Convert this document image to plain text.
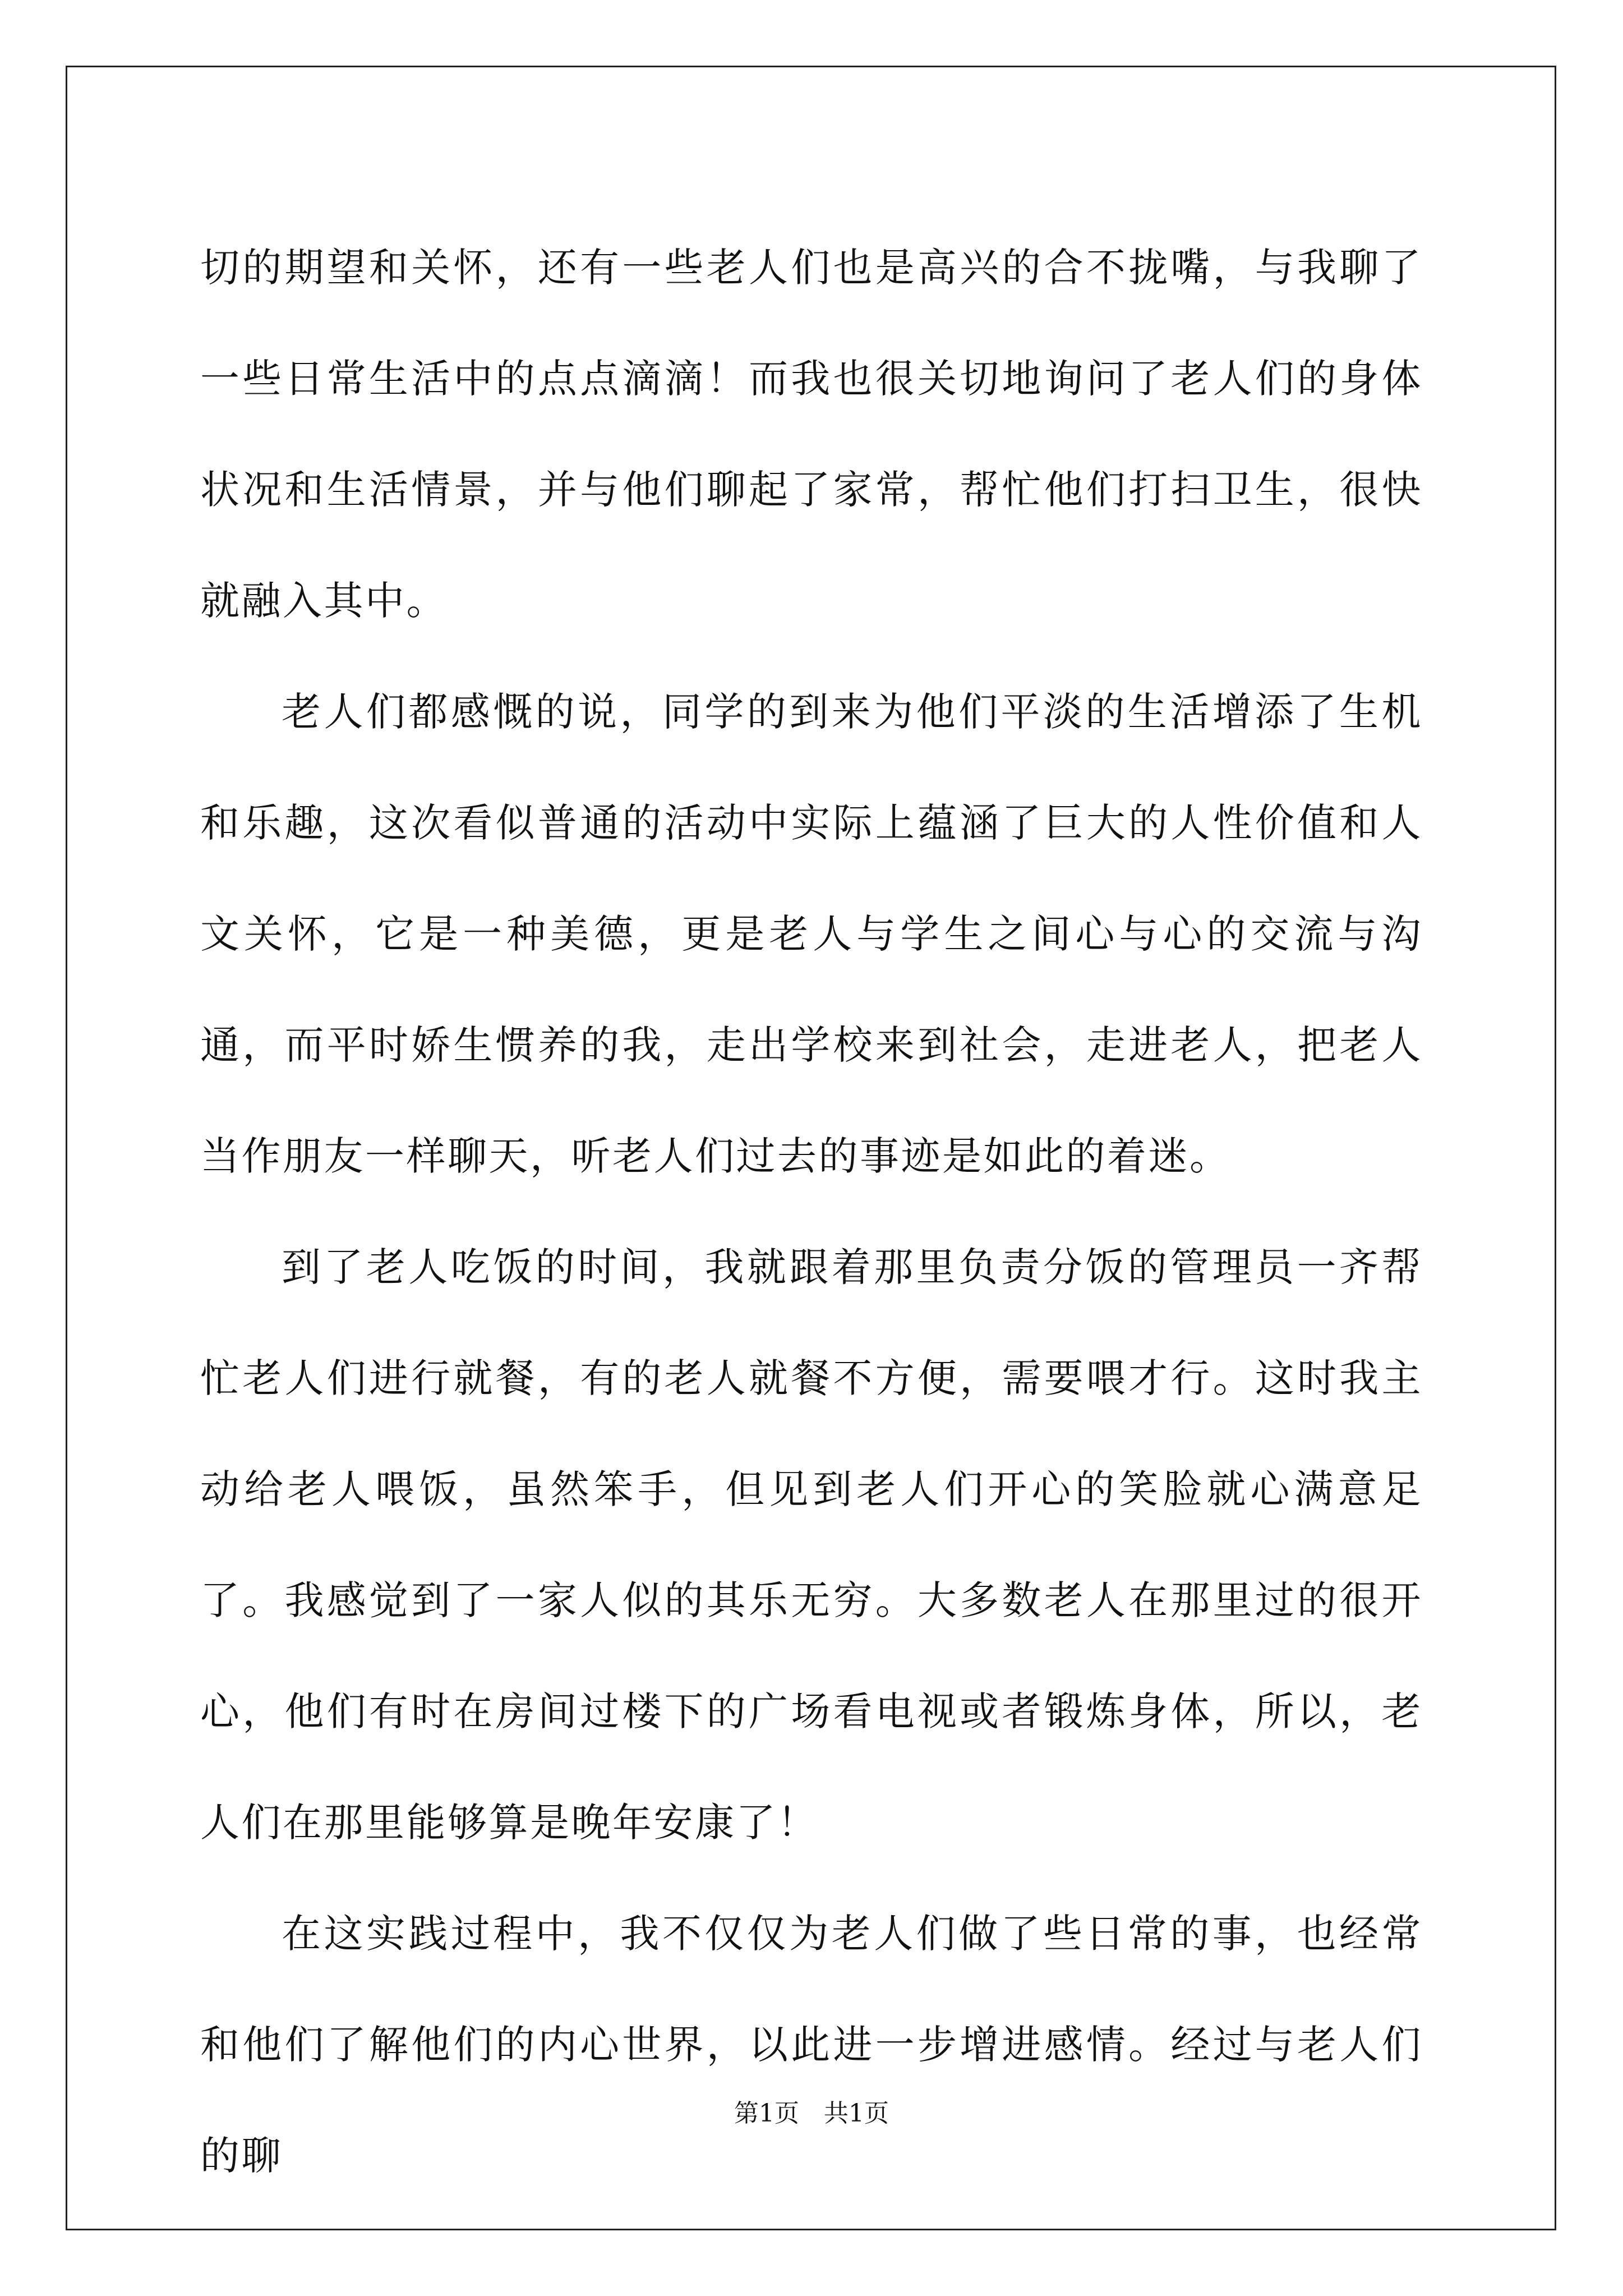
切的期望和关怀，还有一些老人们也是高兴的合不拢嘴，与我聊了一些日常生活中的点点滴滴！而我也很关切地询问了老人们的身体状况和生活情景，并与他们聊起了家常，帮忙他们打扫卫生，很快就融入其中。

老人们都感慨的说，同学的到来为他们平淡的生活增添了生机和乐趣，这次看似普通的活动中实际上蕴涵了巨大的人性价值和人文关怀，它是一种美德，更是老人与学生之间心与心的交流与沟通，而平时娇生惯养的我，走出学校来到社会，走进老人，把老人当作朋友一样聊天，听老人们过去的事迹是如此的着迷。

到了老人吃饭的时间，我就跟着那里负责分饭的管理员一齐帮忙老人们进行就餐，有的老人就餐不方便，需要喂才行。这时我主动给老人喂饭，虽然笨手，但见到老人们开心的笑脸就心满意足了。我感觉到了一家人似的其乐无穷。大多数老人在那里过的很开心，他们有时在房间过楼下的广场看电视或者锻炼身体，所以，老人们在那里能够算是晚年安康了！

在这实践过程中，我不仅仅为老人们做了些日常的事，也经常和他们了解他们的内心世界，以此进一步增进感情。经过与老人们的聊

第1页　共1页
